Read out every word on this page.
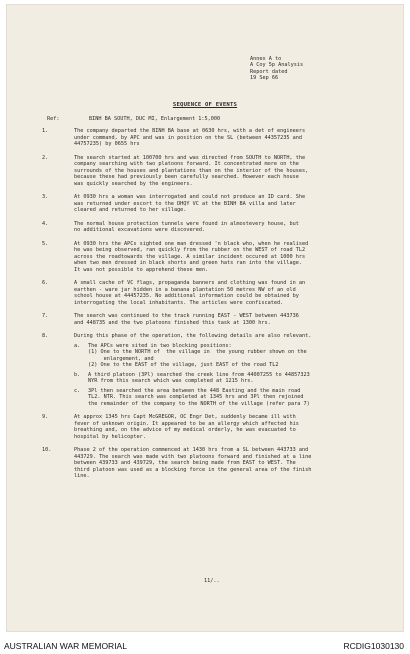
Annex A to
A Coy 5p Analysis
Report dated
19 Sep 66
SEQUENCE OF EVENTS
Ref:	BINH BA SOUTH, DUC MI, Enlargement 1:5,000
1.	The company departed the BINH BA base at 0630 hrs, with a det of engineers
under command, by APC and was in position on the SL (between 44357235 and
44757235) by 0655 hrs
2.	The search started at 100700 hrs and was directed from SOUTH to NORTH, the
company searching with two platoons forward. It concentrated more on the
surrounds of the houses and plantations than on the interior of the houses,
because these had previously been carefully searched. However each house
was quickly searched by the engineers.
3.	At 0930 hrs a woman was interrogated and could not produce an ID card. She
was returned under escort to the DHQY VC at the BINH BA villa and later
cleared and returned to her village.
4.	The normal house protection tunnels were found in almostevery house, but
no additional excavations were discovered.
5.	At 0930 hrs the APCs sighted one man dressed 'n black who, when he realised
he was being observed, ran quickly from the rubber on the WEST of road TL2
across the roadtowards the village. A similar incident occured at 1000 hrs
when two men dressed in black shorts and green hats ran into the village.
It was not possible to apprehend these men.
6.	A small cache of VC flags, propaganda banners and clothing was found in an
earthen - ware jar hidden in a banana plantation 50 metres NW of an old
school house at 44457235. No additional information could be obtained by
interrogating the local inhabitants. The articles were confiscated.
7.	The search was continued to the track running EAST - WEST between 443736
and 448735 and the two platoons finished this task at 1300 hrs.
8.	During this phase of the operation, the following details are also relevant.
a. The APCs were sited in two blocking positions:
(1) One to the NORTH of  the village in  the young rubber shown on the
enlargement, and
(2) One to the EAST of the village, just EAST of the road TL2
b. A third platoon (3Pl) searched the creek line from 44007255 to 44857323
NYR from this search which was completed at 1215 hrs.
c. 3Pl then searched the area between the 448 Easting and the main road
TL2. NTR. This search was completed at 1345 hrs and 3Pl then rejoined
the remainder of the company to the NORTH of the village (refer para 7)
9.	At approx 1345 hrs Capt McGREGOR, OC Engr Det, suddenly became ill with
fever of unknown origin. It appeared to be an allergy which affected his
breathing and, on the advice of my medical orderly, he was evacuated to
hospital by helicopter.
10.	Phase 2 of the operation commenced at 1430 hrs from a SL between 443733 and
443729. The search was made with two platoons forward and finished at a line
between 439733 and 439729, the search being made from EAST to WEST. The
third platoon was used as a blocking force in the general area of the finish
line.
11/..
AUSTRALIAN WAR MEMORIAL	RCDIG1030130
